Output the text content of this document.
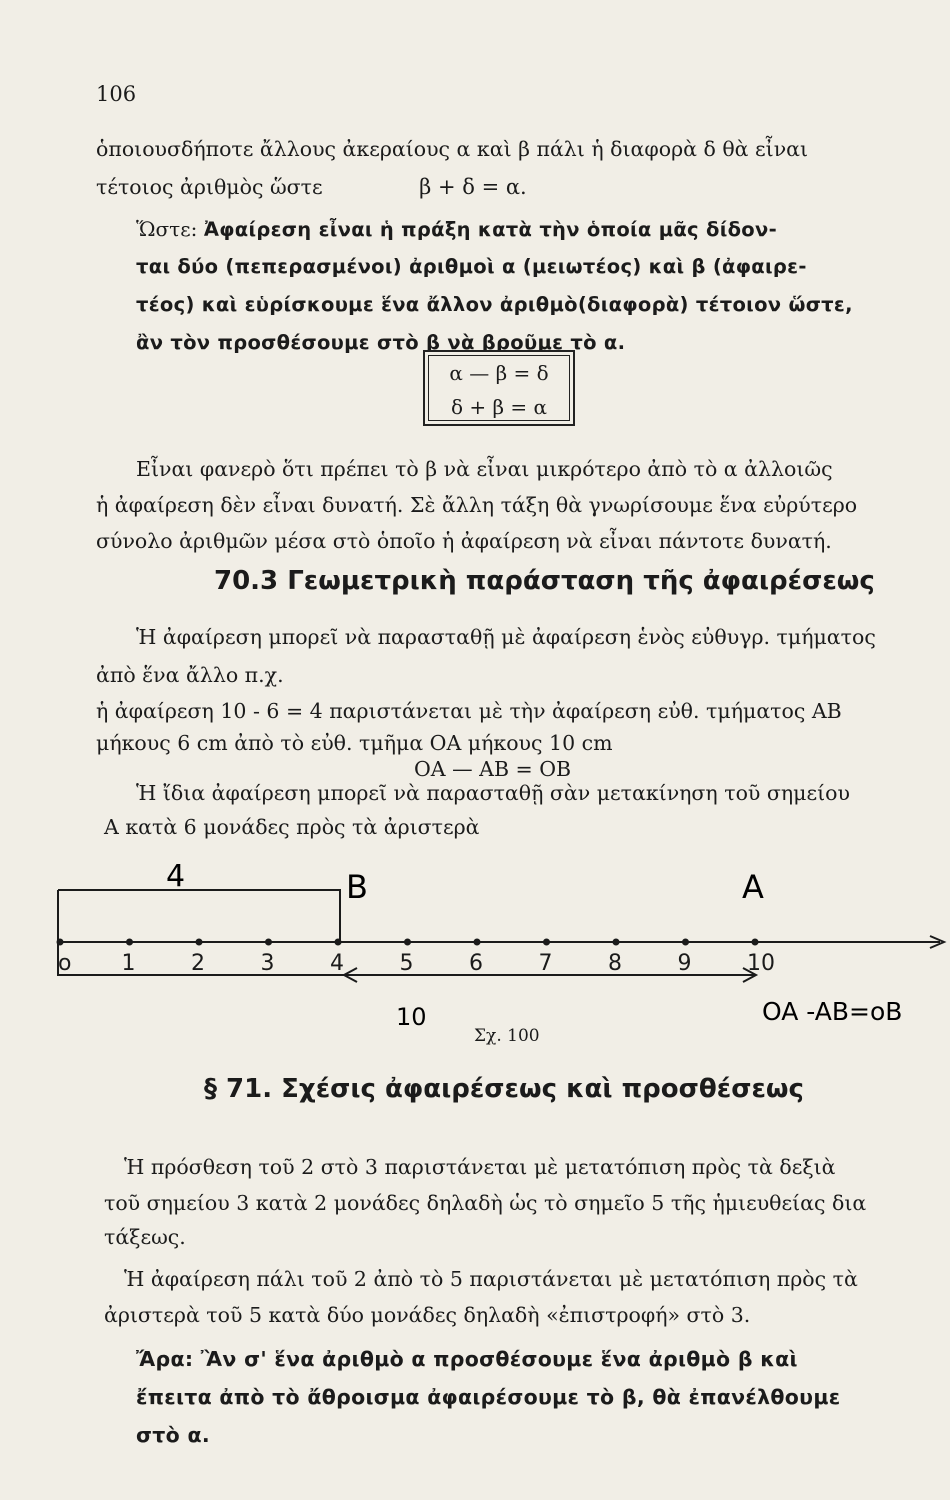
106
ὁποιουσδήποτε ἄλλους ἀκεραίους α καὶ β πάλι ἡ διαφορὰ δ θὰ εἶναι
τέτοιος ἀριθμὸς ὥστε	β + δ = α.
Ὥστε: Ἀφαίρεση εἶναι ἡ πράξη κατὰ τὴν ὁποία μᾶς δίδον-
ται δύο (πεπερασμένοι) ἀριθμοὶ α (μειωτέος) καὶ β (ἀφαιρε-
τέος) καὶ εὑρίσκουμε ἕνα ἄλλον ἀριθμὸ(διαφορὰ) τέτοιον ὥστε,
ἂν τὸν προσθέσουμε στὸ β νὰ βροῦμε τὸ α.
α — β = δ
δ + β = α
Εἶναι φανερὸ ὅτι πρέπει τὸ β νὰ εἶναι μικρότερο ἀπὸ τὸ α ἀλλοιῶς
ἡ ἀφαίρεση δὲν εἶναι δυνατή. Σὲ ἄλλη τάξη θὰ γνωρίσουμε ἕνα εὐρύτερο
σύνολο ἀριθμῶν μέσα στὸ ὁποῖο ἡ ἀφαίρεση νὰ εἶναι πάντοτε δυνατή.
70.3 Γεωμετρικὴ παράσταση τῆς ἀφαιρέσεως
Ἡ ἀφαίρεση μπορεῖ νὰ παρασταθῇ μὲ ἀφαίρεση ἑνὸς εὐθυγρ. τμήματος
ἀπὸ ἕνα ἄλλο π.χ.
ἡ ἀφαίρεση 10 - 6 = 4 παριστάνεται μὲ τὴν ἀφαίρεση εὐθ. τμήματος AB
μήκους 6 cm ἀπὸ τὸ εὐθ. τμῆμα ΟΑ μήκους 10 cm
ΟΑ — ΑΒ = ΟΒ
Ἡ ἴδια ἀφαίρεση μπορεῖ νὰ παρασταθῇ σὰν μετακίνηση τοῦ σημείου
Α κατὰ 6 μονάδες πρὸς τὰ ἀριστερὰ
o 1	2	3	4	5	6	7	8	9	10
4	B	A
10	OA -AB=oB
Σχ. 100
§ 71. Σχέσις ἀφαιρέσεως καὶ προσθέσεως
Ἡ πρόσθεση τοῦ 2 στὸ 3 παριστάνεται μὲ μετατόπιση πρὸς τὰ δεξιὰ
τοῦ σημείου 3 κατὰ 2 μονάδες δηλαδὴ ὡς τὸ σημεῖο 5 τῆς ἡμιευθείας δια
τάξεως.
Ἡ ἀφαίρεση πάλι τοῦ 2 ἀπὸ τὸ 5 παριστάνεται μὲ μετατόπιση πρὸς τὰ
ἀριστερὰ τοῦ 5 κατὰ δύο μονάδες δηλαδὴ «ἐπιστροφή» στὸ 3.
Ἄρα: Ἂν σ' ἕνα ἀριθμὸ α προσθέσουμε ἕνα ἀριθμὸ β καὶ
ἔπειτα ἀπὸ τὸ ἄθροισμα ἀφαιρέσουμε τὸ β, θὰ ἐπανέλθουμε
στὸ α.
